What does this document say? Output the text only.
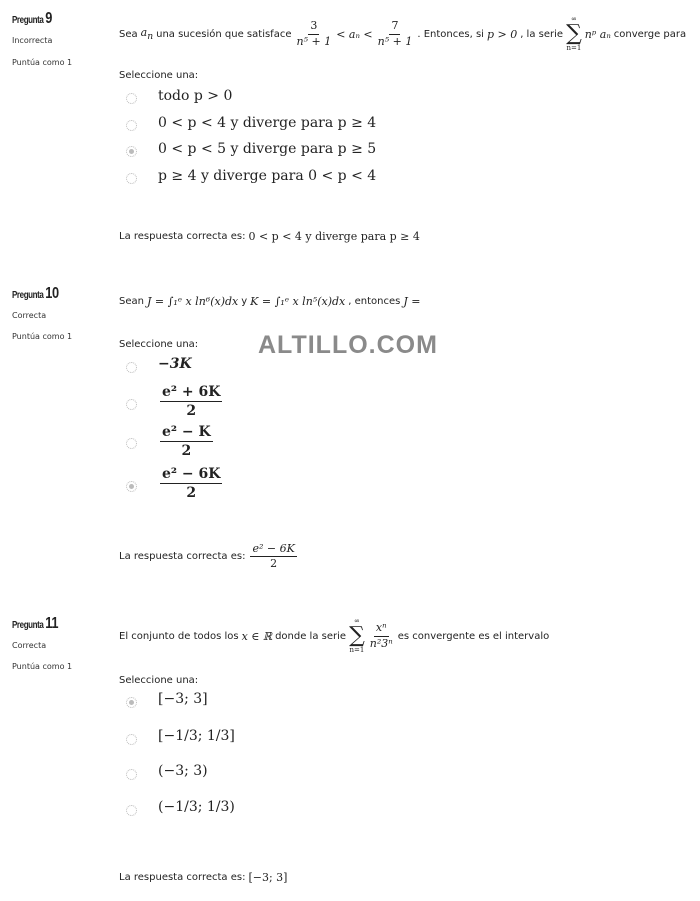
Pregunta 9
Incorrecta
Puntúa como 1
Sea $a_n$ una sucesión que satisface $\frac{3}{\text{n⁵ + 1}} < a_n < \frac{7}{\text{n⁵ + 1}}$ . Entonces, si p > 0 , la serie
∞
∑
n=1
nᵖ aₙ converge para
Seleccione una:
todo p > 0
0 < p < 4 y diverge para p ≥ 4
0 < p < 5 y diverge para p ≥ 5
p ≥ 4 y diverge para 0 < p < 4
La respuesta correcta es: 0 < p < 4 y diverge para p ≥ 4
Pregunta 10
Correcta
Puntúa como 1
Sean J = ∫₁ᵉ x ln⁶(x)dx y K = ∫₁ᵉ x ln⁵(x)dx , entonces J =
ALTILLO.COM
Seleccione una:
−3K
$\frac{\text{e² + 6K}}{2}$
$\frac{\text{e² − K}}{2}$
$\frac{\text{e² − 6K}}{2}$
La respuesta correcta es: $\frac{\text{e² − 6K}}{2}$
Pregunta 11
Correcta
Puntúa como 1
El conjunto de todos los x ∈ ℝ donde la serie
∞
∑
$n=1 \frac{\text{xⁿ}}{\text{n²3ⁿ}}$ es convergente es el intervalo
Seleccione una:
[−3; 3]
[−1/3; 1/3]
(−3; 3)
(−1/3; 1/3)
La respuesta correcta es: [−3; 3]
